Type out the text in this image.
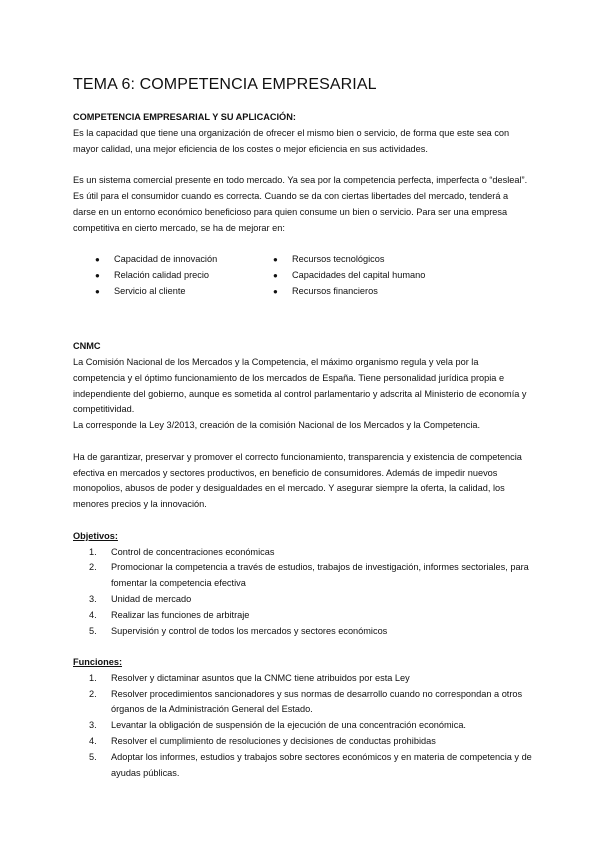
TEMA 6: COMPETENCIA EMPRESARIAL

COMPETENCIA EMPRESARIAL Y SU APLICACIÓN:

Es la capacidad que tiene una organización de ofrecer el mismo bien o servicio, de forma que este sea con mayor calidad, una mejor eficiencia de los costes o mejor eficiencia en sus actividades.

Es un sistema comercial presente en todo mercado. Ya sea por la competencia perfecta, imperfecta o “desleal”. Es útil para el consumidor cuando es correcta. Cuando se da con ciertas libertades del mercado, tenderá a darse en un entorno económico beneficioso para quien consume un bien o servicio. Para ser una empresa competitiva en cierto mercado, se ha de mejorar en:

●	Capacidad de innovación	●	Recursos tecnológicos
●	Relación calidad precio	●	Capacidades del capital humano
●	Servicio al cliente	●	Recursos financieros

CNMC

La Comisión Nacional de los Mercados y la Competencia, el máximo organismo regula y vela por la competencia y el óptimo funcionamiento de los mercados de España. Tiene personalidad jurídica propia e independiente del gobierno, aunque es sometida al control parlamentario y adscrita al Ministerio de economía y competitividad.

La corresponde la Ley 3/2013, creación de la comisión Nacional de los Mercados y la Competencia.

Ha de garantizar, preservar y promover el correcto funcionamiento, transparencia y existencia de competencia efectiva en mercados y sectores productivos, en beneficio de consumidores. Además de impedir nuevos monopolios, abusos de poder y desigualdades en el mercado. Y asegurar siempre la oferta, la calidad, los menores precios y la innovación.

Objetivos:

1.	Control de concentraciones económicas
2.	Promocionar la competencia a través de estudios, trabajos de investigación, informes sectoriales, para fomentar la competencia efectiva
3.	Unidad de mercado
4.	Realizar las funciones de arbitraje
5.	Supervisión y control de todos los mercados y sectores económicos

Funciones:

1.	Resolver y dictaminar asuntos que la CNMC tiene atribuidos por esta Ley
2.	Resolver procedimientos sancionadores y sus normas de desarrollo cuando no correspondan a otros órganos de la Administración General del Estado.
3.	Levantar la obligación de suspensión de la ejecución de una concentración económica.
4.	Resolver el cumplimiento de resoluciones y decisiones de conductas prohibidas
5.	Adoptar los informes, estudios y trabajos sobre sectores económicos y en materia de competencia y de ayudas públicas.
